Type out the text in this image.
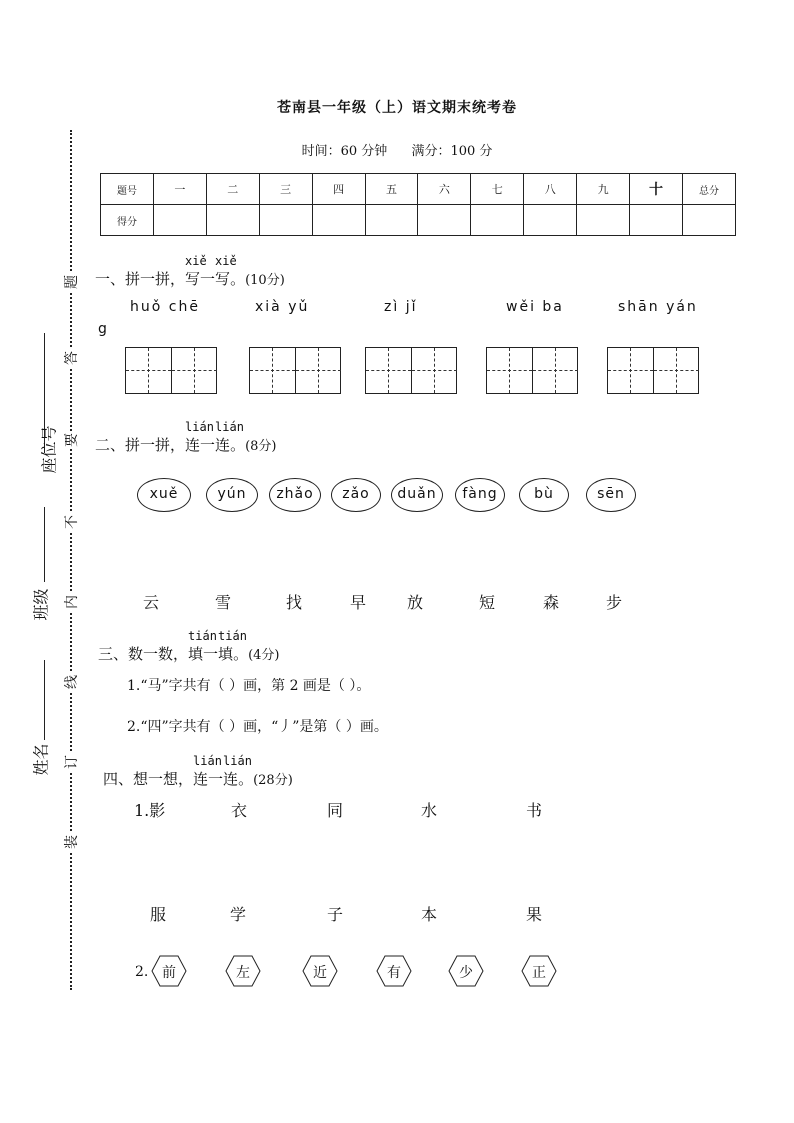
苍南县一年级（上）语文期末统考卷
时间：60 分钟 满分：100 分
题号	一	二	三	四	五	六	七	八	九	十	总分
得分											
题
答
要
不
内
线
订
装
座位号
班级
姓名
一、拼一拼，
xiě
写一
xiě
写。(10分)
huǒ chē	xià yǔ	zì jǐ	wěi ba	shān yán
g
二、拼一拼，
lián
连一
lián
连。(8分)
xuě	yún	zhǎo	zǎo	duǎn	fàng	bù	sēn
云	雪	找	早	放	短	森	步
三、数一数，
tián
填一
tián
填。(4分)
1.“马”字共有（ ）画，第 2 画是（ ）。
2.“四”字共有（ ）画，“丿”是第（ ）画。
四、想一想，
lián
连一
lián
连。(28分)
1.影	衣	同	水	书
服	学	子	本	果
2. 前	左	近	有	少	正
